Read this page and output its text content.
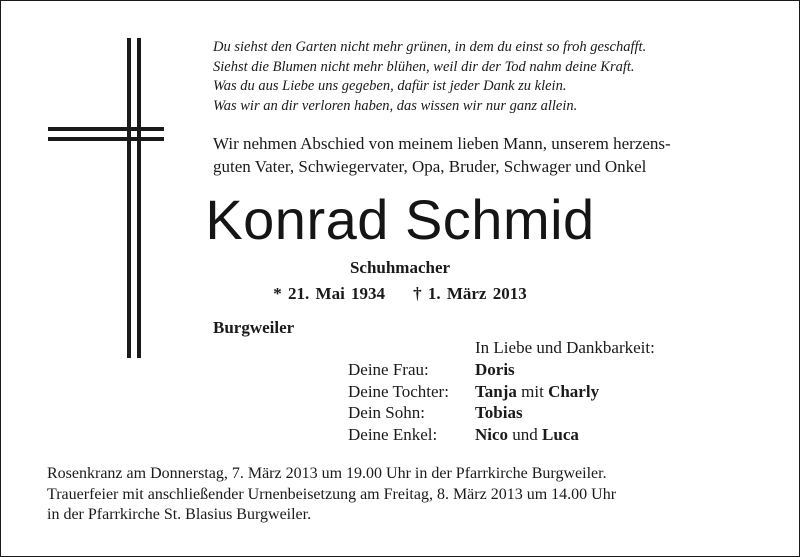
Du siehst den Garten nicht mehr grünen, in dem du einst so froh geschafft.
Siehst die Blumen nicht mehr blühen, weil dir der Tod nahm deine Kraft.
Was du aus Liebe uns gegeben, dafür ist jeder Dank zu klein.
Was wir an dir verloren haben, das wissen wir nur ganz allein.
Wir nehmen Abschied von meinem lieben Mann, unserem herzens-
guten Vater, Schwiegervater, Opa, Bruder, Schwager und Onkel
Konrad Schmid
Schuhmacher
* 21. Mai 1934 † 1. März 2013
Burgweiler
In Liebe und Dankbarkeit:
Deine Frau:	Doris
Deine Tochter:	Tanja mit Charly
Dein Sohn:	Tobias
Deine Enkel:	Nico und Luca
Rosenkranz am Donnerstag, 7. März 2013 um 19.00 Uhr in der Pfarrkirche Burgweiler.
Trauerfeier mit anschließender Urnenbeisetzung am Freitag, 8. März 2013 um 14.00 Uhr
in der Pfarrkirche St. Blasius Burgweiler.
